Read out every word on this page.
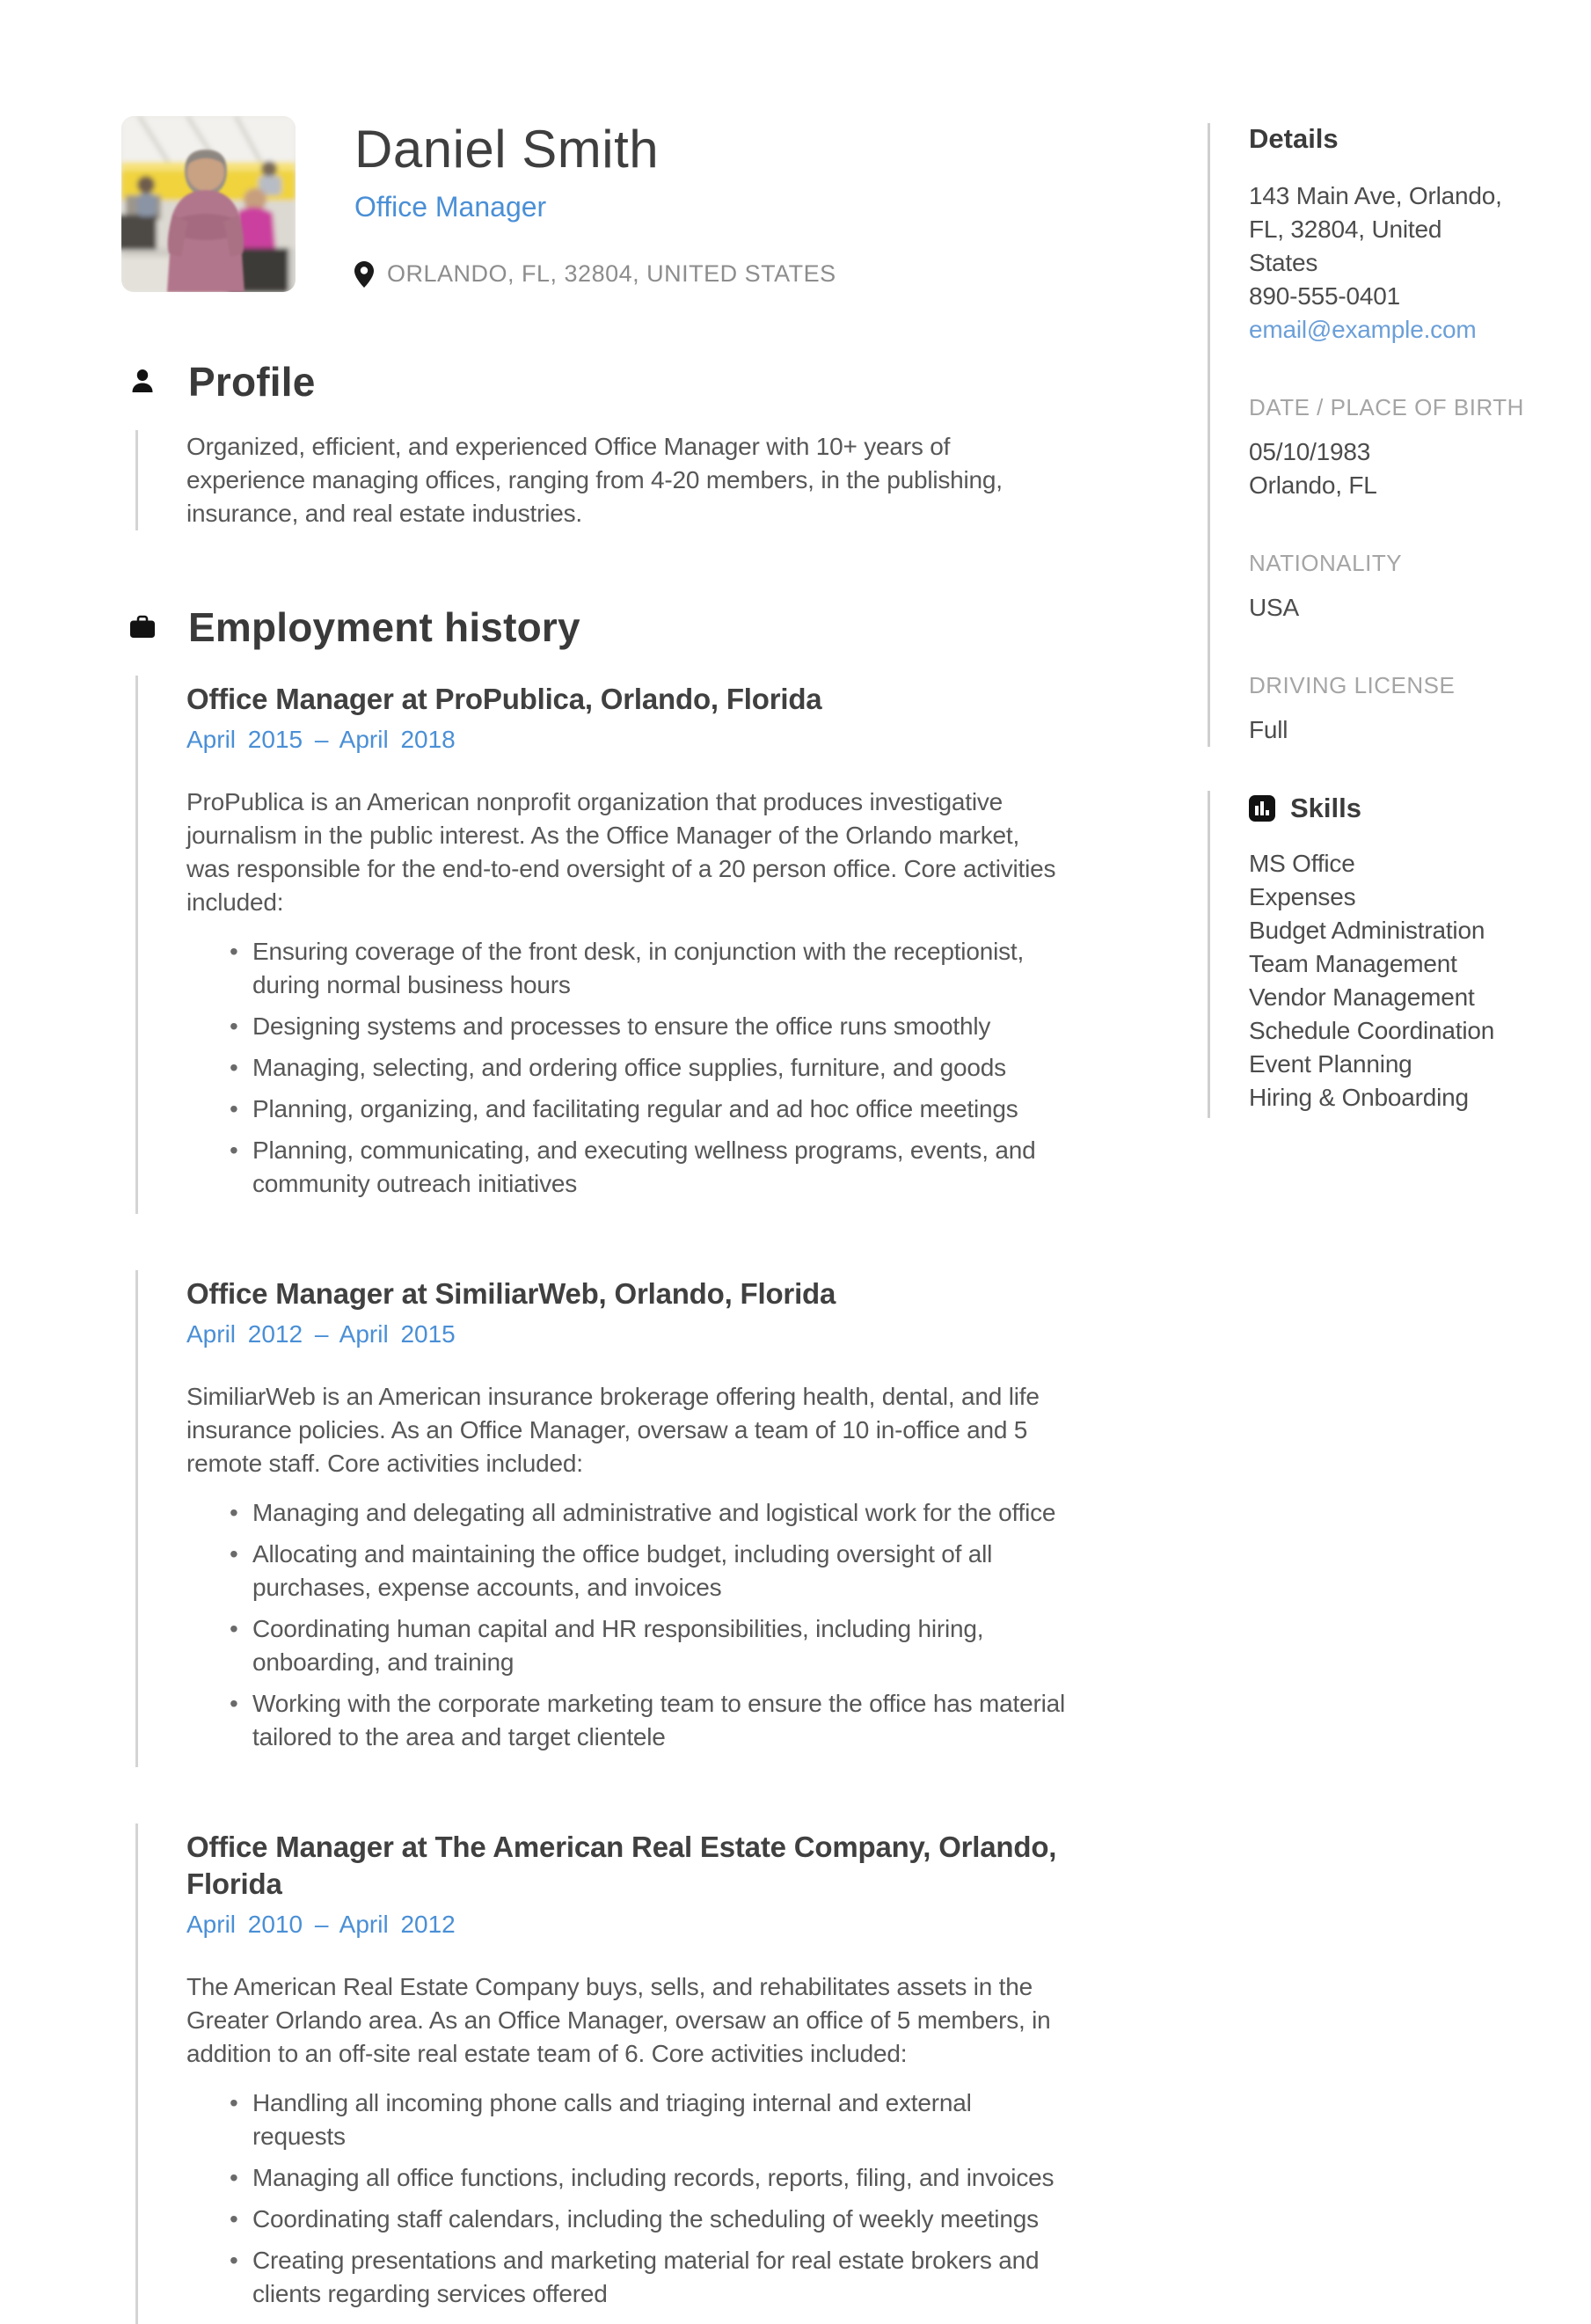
Daniel Smith
Office Manager
ORLANDO, FL, 32804, UNITED STATES
Profile

Organized, efficient, and experienced Office Manager with 10+ years of experience managing offices, ranging from 4-20 members, in the publishing, insurance, and real estate industries.

Employment history
Office Manager at ProPublica, Orlando, Florida
April 2015 – April 2018

ProPublica is an American nonprofit organization that produces investigative journalism in the public interest. As the Office Manager of the Orlando market, was responsible for the end-to-end oversight of a 20 person office. Core activities included:

• Ensuring coverage of the front desk, in conjunction with the receptionist, during normal business hours
• Designing systems and processes to ensure the office runs smoothly
• Managing, selecting, and ordering office supplies, furniture, and goods
• Planning, organizing, and facilitating regular and ad hoc office meetings
• Planning, communicating, and executing wellness programs, events, and community outreach initiatives
Office Manager at SimiliarWeb, Orlando, Florida
April 2012 – April 2015

SimiliarWeb is an American insurance brokerage offering health, dental, and life insurance policies. As an Office Manager, oversaw a team of 10 in-office and 5 remote staff. Core activities included:

• Managing and delegating all administrative and logistical work for the office
• Allocating and maintaining the office budget, including oversight of all purchases, expense accounts, and invoices
• Coordinating human capital and HR responsibilities, including hiring, onboarding, and training
• Working with the corporate marketing team to ensure the office has material tailored to the area and target clientele
Office Manager at The American Real Estate Company, Orlando, Florida
April 2010 – April 2012

The American Real Estate Company buys, sells, and rehabilitates assets in the Greater Orlando area. As an Office Manager, oversaw an office of 5 members, in addition to an off-site real estate team of 6. Core activities included:

• Handling all incoming phone calls and triaging internal and external requests
• Managing all office functions, including records, reports, filing, and invoices
• Coordinating staff calendars, including the scheduling of weekly meetings
• Creating presentations and marketing material for real estate brokers and clients regarding services offered
Details
143 Main Ave, Orlando,
FL, 32804, United
States
890-555-0401
email@example.com
DATE / PLACE OF BIRTH
05/10/1983
Orlando, FL
NATIONALITY
USA
DRIVING LICENSE
Full
Skills
MS Office
Expenses
Budget Administration
Team Management
Vendor Management
Schedule Coordination
Event Planning
Hiring & Onboarding
